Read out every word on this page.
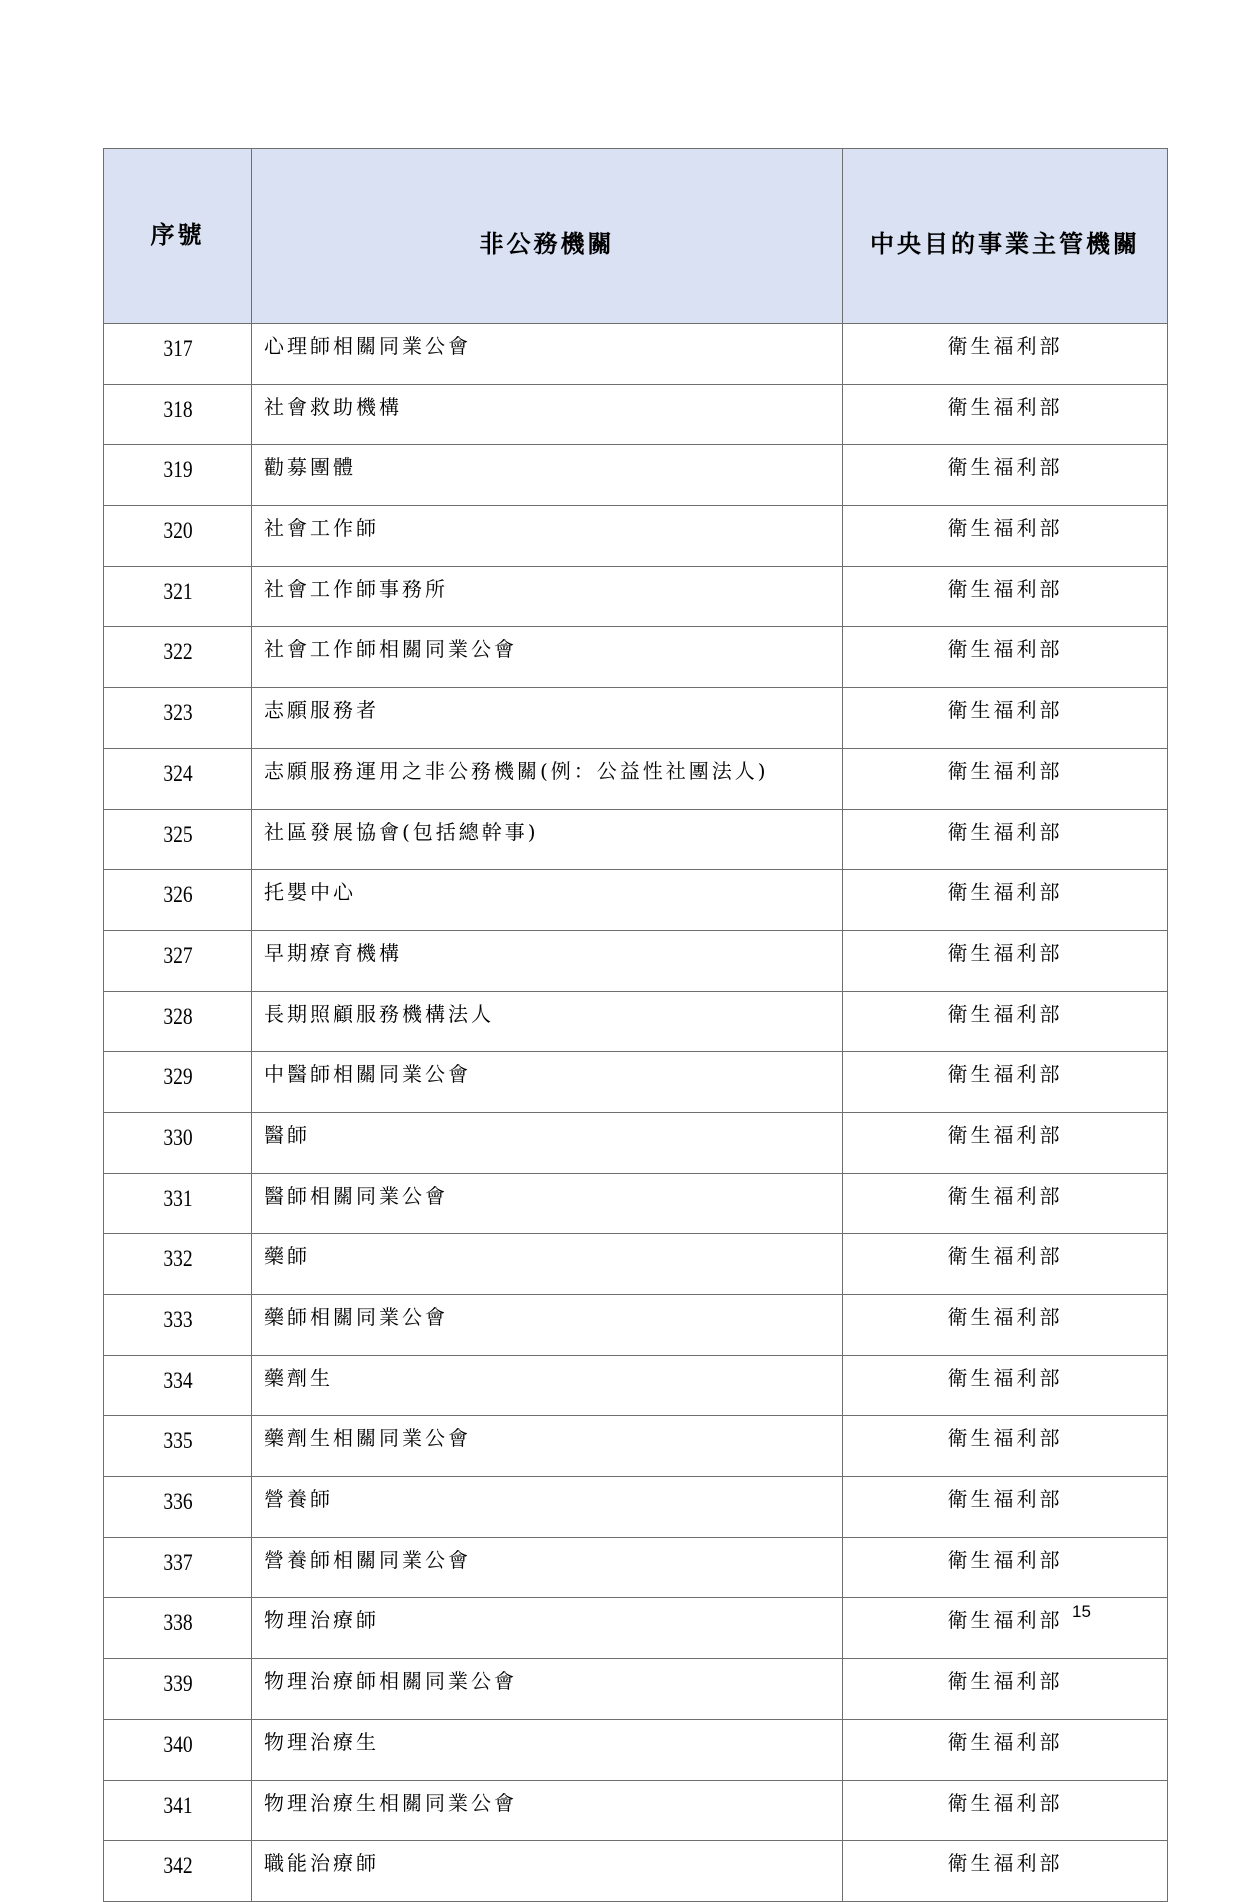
序號	非公務機關	中央目的事業主管機關
317	心理師相關同業公會	衛生福利部
318	社會救助機構	衛生福利部
319	勸募團體	衛生福利部
320	社會工作師	衛生福利部
321	社會工作師事務所	衛生福利部
322	社會工作師相關同業公會	衛生福利部
323	志願服務者	衛生福利部
324	志願服務運用之非公務機關(例：公益性社團法人)	衛生福利部
325	社區發展協會(包括總幹事)	衛生福利部
326	托嬰中心	衛生福利部
327	早期療育機構	衛生福利部
328	長期照顧服務機構法人	衛生福利部
329	中醫師相關同業公會	衛生福利部
330	醫師	衛生福利部
331	醫師相關同業公會	衛生福利部
332	藥師	衛生福利部
333	藥師相關同業公會	衛生福利部
334	藥劑生	衛生福利部
335	藥劑生相關同業公會	衛生福利部
336	營養師	衛生福利部
337	營養師相關同業公會	衛生福利部
338	物理治療師	衛生福利部
339	物理治療師相關同業公會	衛生福利部
340	物理治療生	衛生福利部
341	物理治療生相關同業公會	衛生福利部
342	職能治療師	衛生福利部
15
